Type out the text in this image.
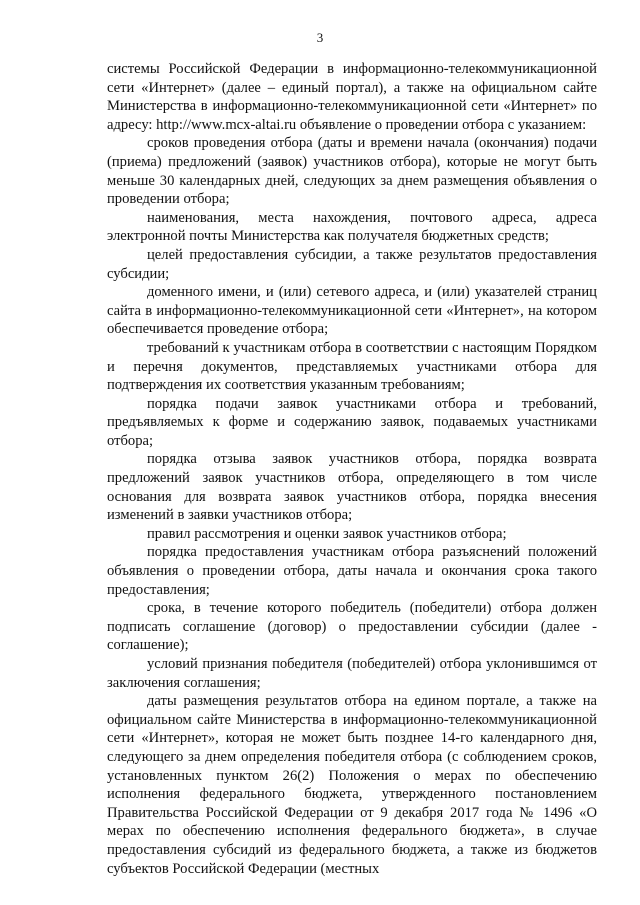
3

системы Российской Федерации в информационно-телекоммуникационной сети «Интернет» (далее – единый портал), а также на официальном сайте Министерства в информационно-телекоммуникационной сети «Интернет» по адресу: http://www.mcx-altai.ru объявление о проведении отбора с указанием:

сроков проведения отбора (даты и времени начала (окончания) подачи (приема) предложений (заявок) участников отбора), которые не могут быть меньше 30 календарных дней, следующих за днем размещения объявления о проведении отбора;

наименования, места нахождения, почтового адреса, адреса электронной почты Министерства как получателя бюджетных средств;

целей предоставления субсидии, а также результатов предоставления субсидии;

доменного имени, и (или) сетевого адреса, и (или) указателей страниц сайта в информационно-телекоммуникационной сети «Интернет», на котором обеспечивается проведение отбора;

требований к участникам отбора в соответствии с настоящим Порядком и перечня документов, представляемых участниками отбора для подтверждения их соответствия указанным требованиям;

порядка подачи заявок участниками отбора и требований, предъявляемых к форме и содержанию заявок, подаваемых участниками отбора;

порядка отзыва заявок участников отбора, порядка возврата предложений заявок участников отбора, определяющего в том числе основания для возврата заявок участников отбора, порядка внесения изменений в заявки участников отбора;

правил рассмотрения и оценки заявок участников отбора;

порядка предоставления участникам отбора разъяснений положений объявления о проведении отбора, даты начала и окончания срока такого предоставления;

срока, в течение которого победитель (победители) отбора должен подписать соглашение (договор) о предоставлении субсидии (далее - соглашение);

условий признания победителя (победителей) отбора уклонившимся от заключения соглашения;

даты размещения результатов отбора на едином портале, а также на официальном сайте Министерства в информационно-телекоммуникационной сети «Интернет», которая не может быть позднее 14-го календарного дня, следующего за днем определения победителя отбора (с соблюдением сроков, установленных пунктом 26(2) Положения о мерах по обеспечению исполнения федерального бюджета, утвержденного постановлением Правительства Российской Федерации от 9 декабря 2017 года № 1496 «О мерах по обеспечению исполнения федерального бюджета», в случае предоставления субсидий из федерального бюджета, а также из бюджетов субъектов Российской Федерации (местных
